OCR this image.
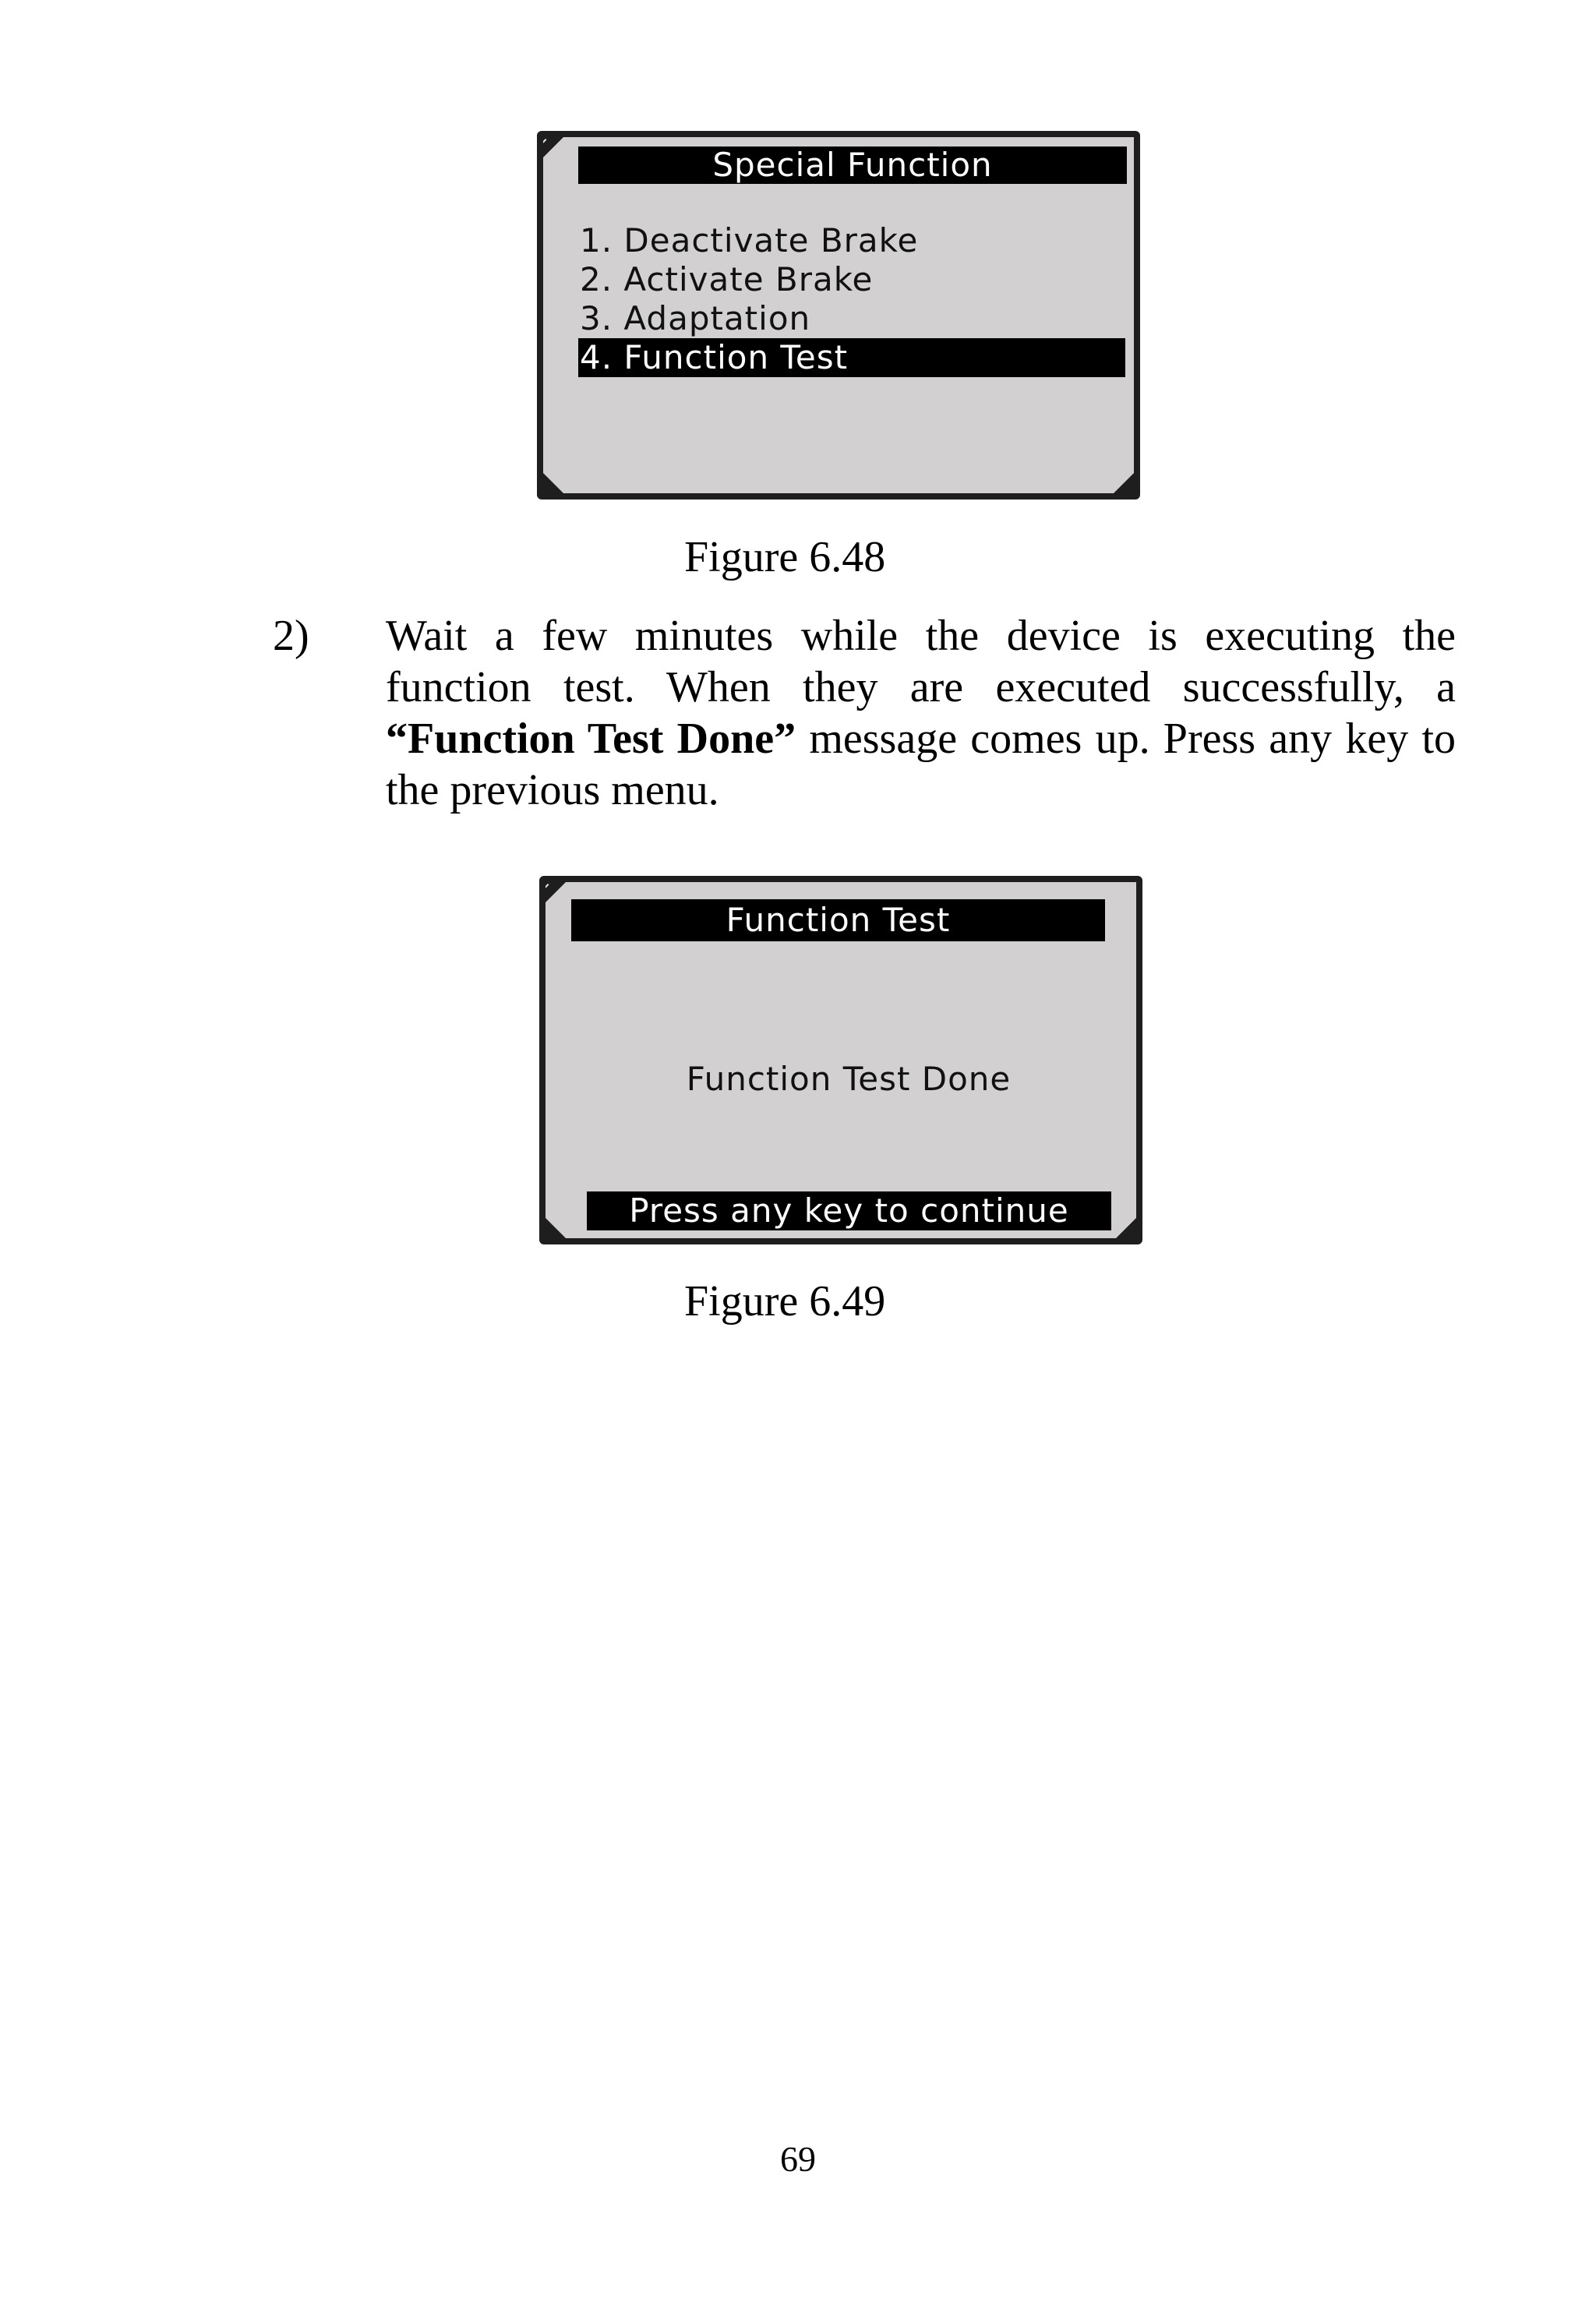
Special Function
1. Deactivate Brake
2. Activate Brake
3. Adaptation
4. Function Test
Figure 6.48
2) Wait a few minutes while the device is executing the function test. When they are executed successfully, a “Function Test Done” message comes up. Press any key to the previous menu.

Function Test
Function Test Done
Press any key to continue
Figure 6.49
69
